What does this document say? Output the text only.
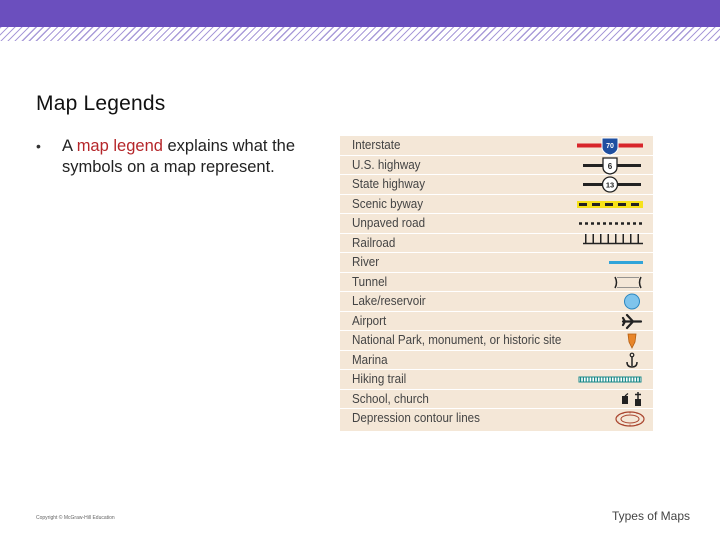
Map Legends
• A map legend explains what the symbols on a map represent.
Interstate	70
U.S. highway	6
State highway	13
Scenic byway
Unpaved road
Railroad
River
Tunnel
Lake/reservoir
Airport
National Park, monument, or historic site
Marina
Hiking trail
School, church
Depression contour lines
Copyright © McGraw-Hill Education	Types of Maps
